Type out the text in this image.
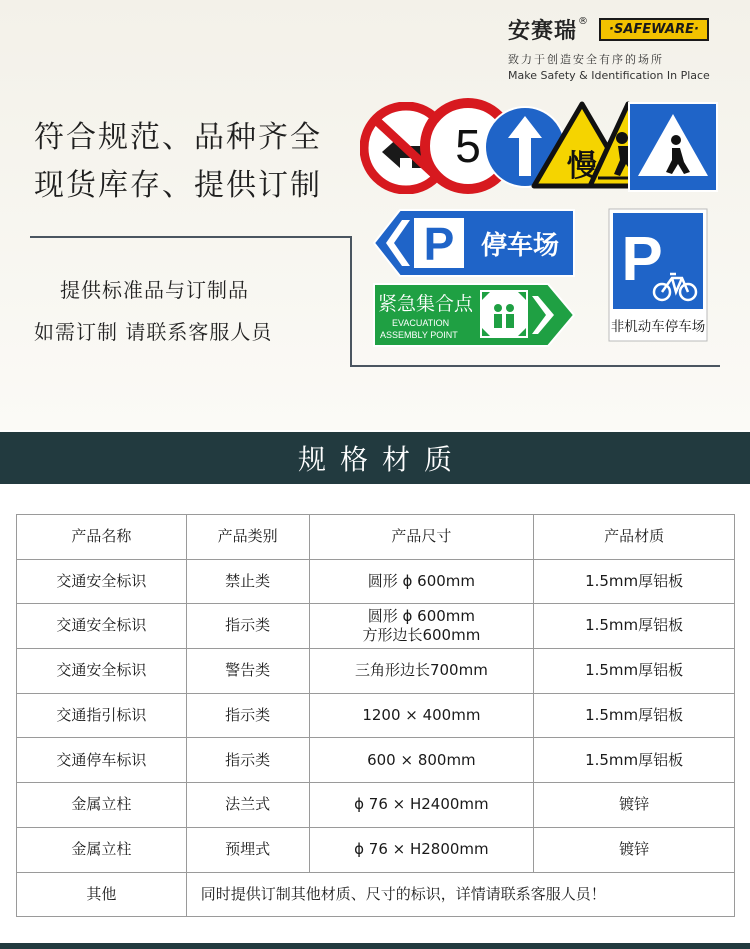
安赛瑞 ®
·SAFEWARE·
致力于创造安全有序的场所
Make Safety & Identification In Place
符合规范、品种齐全
现货库存、提供订制
提供标准品与订制品
如需订制 请联系客服人员
5	慢
P 停车场
紧急集合点
EVACUATION
ASSEMBLY POINT
P
非机动车停车场
规格材质
产品名称	产品类别	产品尺寸	产品材质
交通安全标识	禁止类	圆形 ϕ 600mm	1.5mm厚铝板
交通安全标识	指示类	圆形 ϕ 600mm
方形边长600mm	1.5mm厚铝板
交通安全标识	警告类	三角形边长700mm	1.5mm厚铝板
交通指引标识	指示类	1200 × 400mm	1.5mm厚铝板
交通停车标识	指示类	600 × 800mm	1.5mm厚铝板
金属立柱	法兰式	ϕ 76 × H2400mm	镀锌
金属立柱	预埋式	ϕ 76 × H2800mm	镀锌
其他	同时提供订制其他材质、尺寸的标识，详情请联系客服人员！		
